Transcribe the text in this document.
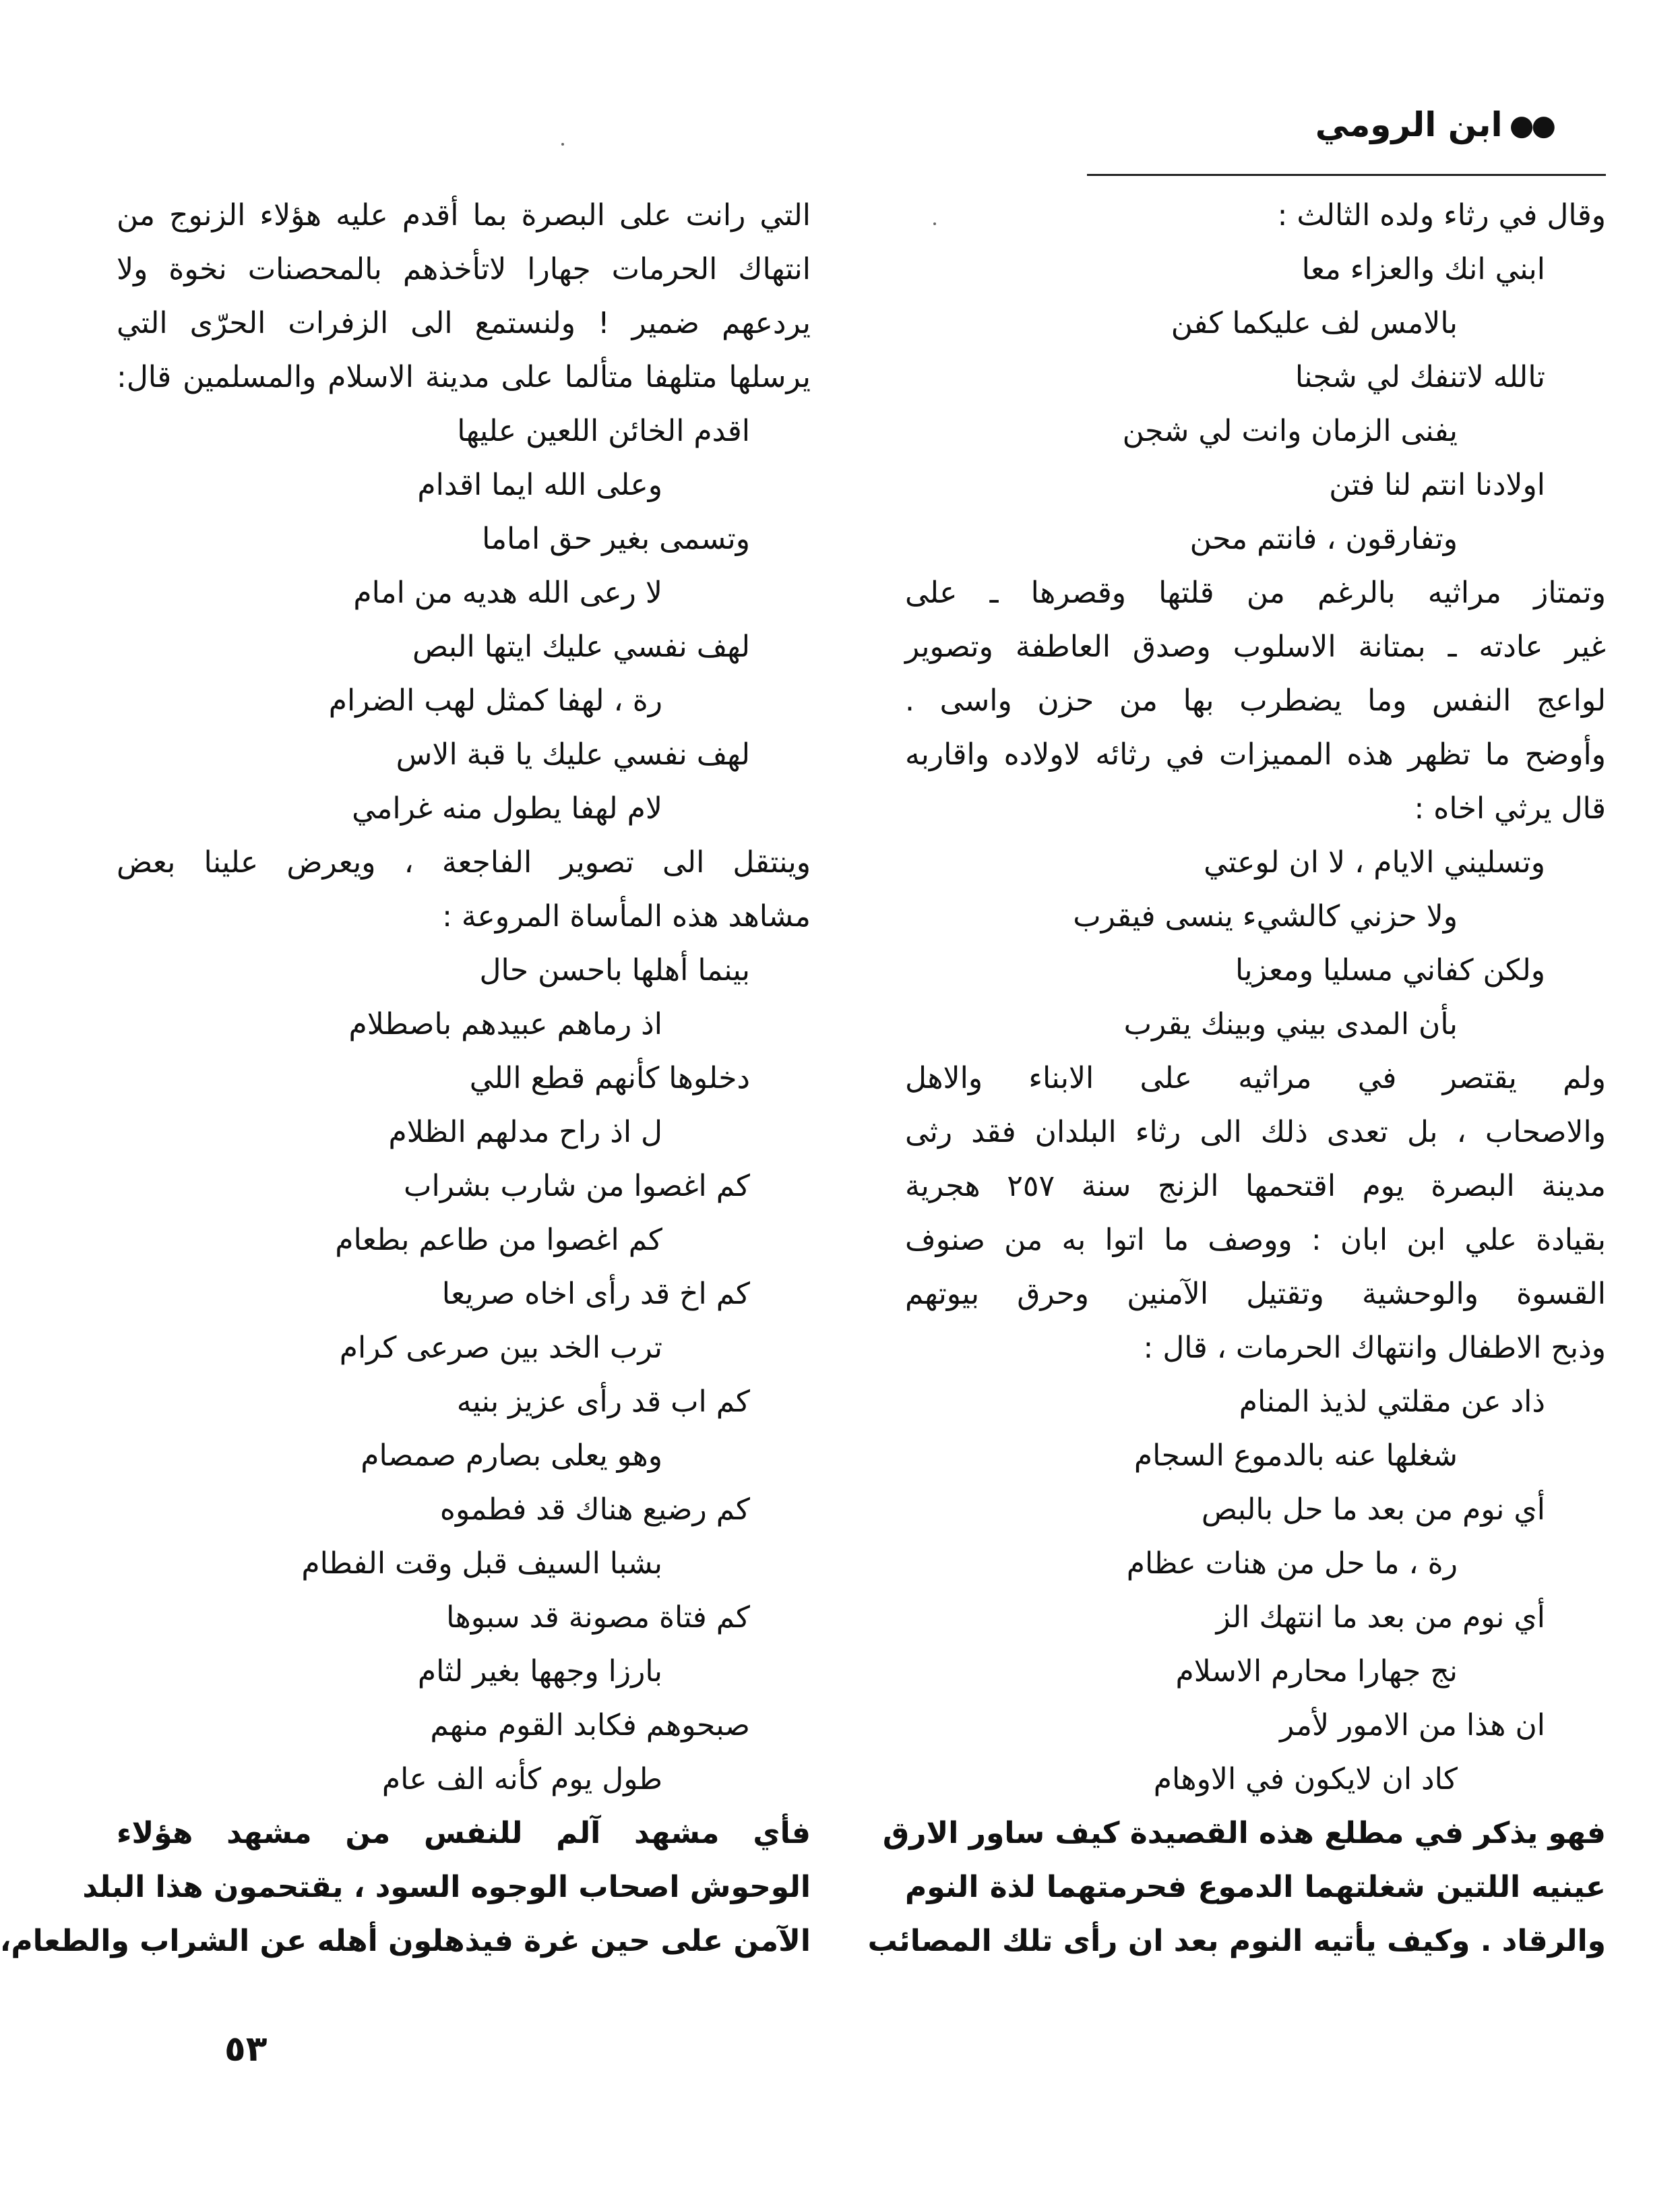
●●
ابن الرومي
وقال في رثاء ولده الثالث :
ابني انك والعزاء معا
بالامس لف عليكما كفن
تالله لاتنفك لي شجنا
يفنى الزمان وانت لي شجن
اولادنا انتم لنا فتن
وتفارقون ، فانتم محن
وتمتاز مراثيه بالرغم من قلتها وقصرها ـ على
غير عادته ـ بمتانة الاسلوب وصدق العاطفة وتصوير
لواعج النفس وما يضطرب بها من حزن واسى .
وأوضح ما تظهر هذه المميزات في رثائه لاولاده واقاربه
قال يرثي اخاه :
وتسليني الايام ، لا ان لوعتي
ولا حزني كالشيء ينسى فيقرب
ولكن كفاني مسليا ومعزيا
بأن المدى بيني وبينك يقرب
ولم يقتصر في مراثيه على الابناء والاهل
والاصحاب ، بل تعدى ذلك الى رثاء البلدان فقد رثى
مدينة البصرة يوم اقتحمها الزنج سنة ٢٥٧ هجرية
بقيادة علي ابن ابان : ووصف ما اتوا به من صنوف
القسوة والوحشية وتقتيل الآمنين وحرق بيوتهم
وذبح الاطفال وانتهاك الحرمات ، قال :
ذاد عن مقلتي لذيذ المنام
شغلها عنه بالدموع السجام
أي نوم من بعد ما حل بالبص
رة ، ما حل من هنات عظام
أي نوم من بعد ما انتهك الز
نج جهارا محارم الاسلام
ان هذا من الامور لأمر
كاد ان لايكون في الاوهام
فهو يذكر في مطلع هذه القصيدة كيف ساور الارق
عينيه اللتين شغلتهما الدموع فحرمتهما لذة النوم
والرقاد . وكيف يأتيه النوم بعد ان رأى تلك المصائب
التي رانت على البصرة بما أقدم عليه هؤلاء الزنوج من
انتهاك الحرمات جهارا لاتأخذهم بالمحصنات نخوة ولا
يردعهم ضمير ! ولنستمع الى الزفرات الحرّى التي
يرسلها متلهفا متألما على مدينة الاسلام والمسلمين قال:
اقدم الخائن اللعين عليها
وعلى الله ايما اقدام
وتسمى بغير حق اماما
لا رعى الله هديه من امام
لهف نفسي عليك ايتها البص
رة ، لهفا كمثل لهب الضرام
لهف نفسي عليك يا قبة الاس
لام لهفا يطول منه غرامي
وينتقل الى تصوير الفاجعة ، ويعرض علينا بعض
مشاهد هذه المأساة المروعة :
بينما أهلها باحسن حال
اذ رماهم عبيدهم باصطلام
دخلوها كأنهم قطع اللي
ل اذ راح مدلهم الظلام
كم اغصوا من شارب بشراب
كم اغصوا من طاعم بطعام
كم اخ قد رأى اخاه صريعا
ترب الخد بين صرعى كرام
كم اب قد رأى عزيز بنيه
وهو يعلى بصارم صمصام
كم رضيع هناك قد فطموه
بشبا السيف قبل وقت الفطام
كم فتاة مصونة قد سبوها
بارزا وجهها بغير لثام
صبحوهم فكابد القوم منهم
طول يوم كأنه الف عام
فأي مشهد آلم للنفس من مشهد هؤلاء
الوحوش اصحاب الوجوه السود ، يقتحمون هذا البلد
الآمن على حين غرة فيذهلون أهله عن الشراب والطعام،
٥٣
